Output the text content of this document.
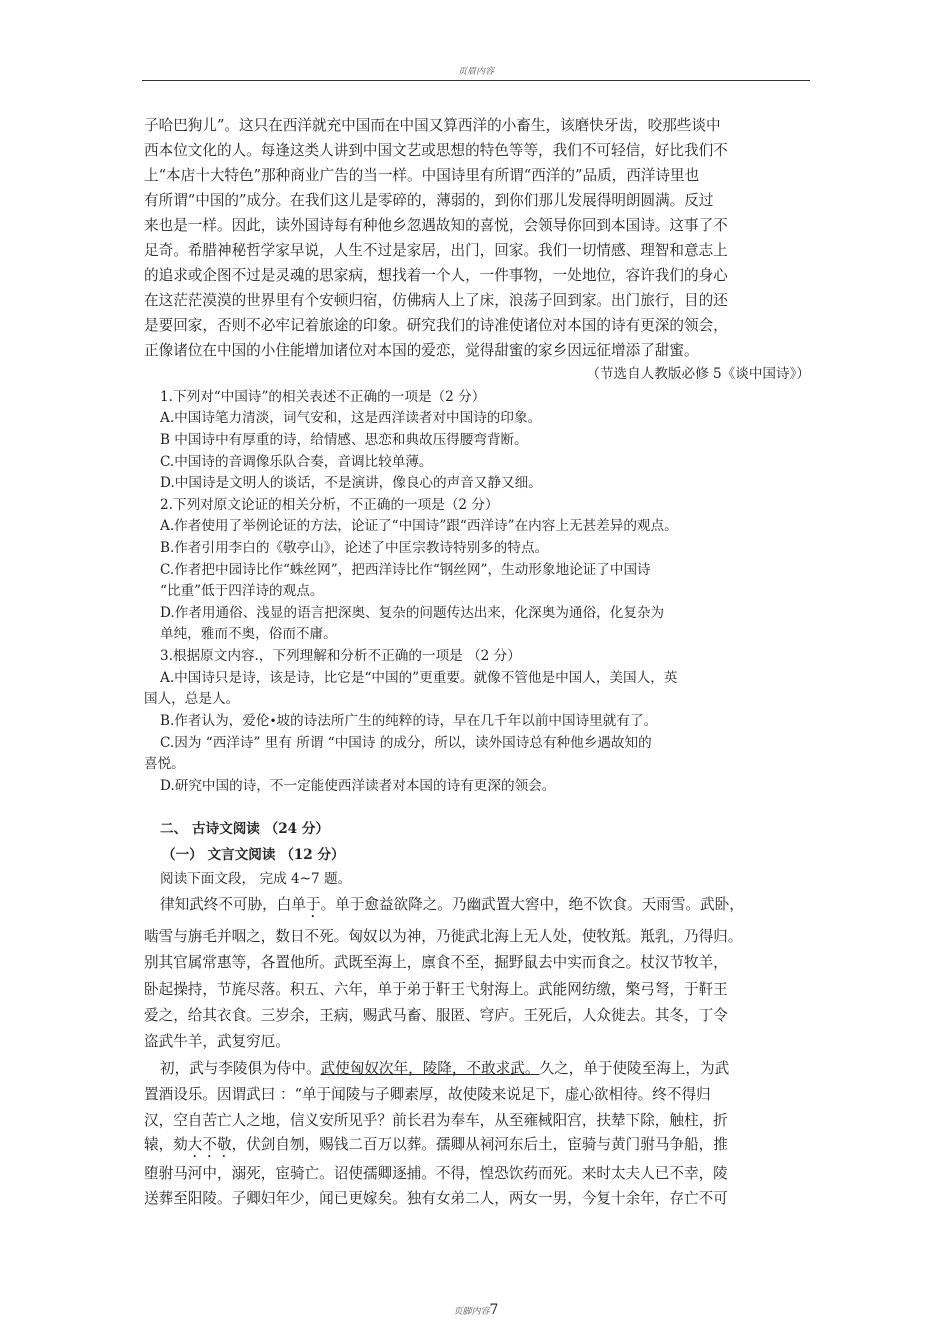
页眉内容
子哈巴狗儿”。这只在西洋就充中国而在中国又算西洋的小畜生，该磨快牙齿，咬那些谈中
西本位文化的人。每逢这类人讲到中国文艺或思想的特色等等，我们不可轻信，好比我们不
上“本店十大特色”那种商业广告的当一样。中国诗里有所谓“西洋的”品质，西洋诗里也
有所谓“中国的”成分。在我们这儿是零碎的，薄弱的，到你们那儿发展得明朗圆满。反过
来也是一样。因此，读外国诗每有种他乡忽遇故知的喜悦，会领导你回到本国诗。这事了不
足奇。希腊神秘哲学家早说，人生不过是家居，出门，回家。我们一切情感、理智和意志上
的追求或企图不过是灵魂的思家病，想找着一个人，一件事物，一处地位，容许我们的身心
在这茫茫漠漠的世界里有个安顿归宿，仿佛病人上了床，浪荡子回到家。出门旅行，目的还
是要回家，否则不必牢记着旅途的印象。研究我们的诗准使诸位对本国的诗有更深的领会，
正像诸位在中国的小住能增加诸位对本国的爱恋，觉得甜蜜的家乡因远征增添了甜蜜。
（节选自人教版必修 5《谈中国诗》）
1.下列对“中国诗”的相关表述不正确的一项是（2 分）
A.中国诗笔力清淡，词气安和，这是西洋读者对中国诗的印象。
B 中国诗中有厚重的诗，给情感、思恋和典故压得腰弯背断。
C.中国诗的音调像乐队合奏，音调比较单薄。
D.中国诗是文明人的谈话，不是演讲，像良心的声音又静又细。
2.下列对原文论证的相关分析，不正确的一项是（2 分）
A.作者使用了举例论证的方法，论证了“中国诗”跟“西洋诗”在内容上无甚差异的观点。
B.作者引用李白的《敬亭山》，论述了中匡宗教诗特别多的特点。
C.作者把中园诗比作“蛛丝网”，把西洋诗比作“钢丝网”，生动形象地论证了中国诗
“比重”低于四洋诗的观点。
D.作者用通俗、浅显的语言把深奥、复杂的问题传达出来，化深奥为通俗，化复杂为
单纯，雅而不奥，俗而不庸。
3.根据原文内容.，下列理解和分析不正确的一项是 （2 分）
A.中国诗只是诗，该是诗，比它是“中国的”更重要。就像不管他是中国人，美国人，英
国人，总是人。
B.作者认为，爱伦•坡的诗法所广生的纯粹的诗，早在几千年以前中国诗里就有了。
C.因为 “西洋诗” 里有 所谓 “中国诗 的成分，所以，读外国诗总有种他乡遇故知的
喜悦。
D.研究中国的诗，不一定能使西洋读者对本国的诗有更深的领会。
二、 古诗文阅读 （24 分）
（一） 文言文阅读 （12 分）
阅读下面文段， 完成 4~7 题。
律知武终不可胁，白单于。单于愈益欲降之。乃幽武置大窖中，绝不饮食。天雨雪。武卧，
啮雪与旃毛并咽之，数日不死。匈奴以为神，乃徙武北海上无人处，使牧羝。羝乳，乃得归。
别其官属常惠等，各置他所。武既至海上，廪食不至，掘野鼠去中实而食之。杖汉节牧羊，
卧起操持，节旄尽落。积五、六年，单于弟于靬王弋射海上。武能网纺缴，檠弓弩，于靬王
爱之，给其衣食。三岁余，王病，赐武马畜、服匿、穹庐。王死后，人众徙去。其冬，丁令
盗武牛羊，武复穷厄。
初，武与李陵俱为侍中。武使匈奴次年，陵降，不敢求武。久之，单于使陵至海上，为武
置酒设乐。因谓武曰 ：“单于闻陵与子卿素厚，故使陵来说足下，虚心欲相待。终不得归
汉，空自苦亡人之地，信义安所见乎？前长君为奉车，从至雍棫阳宫，扶辇下除，触柱，折
辕，劾大不敬，伏剑自刎，赐钱二百万以葬。孺卿从祠河东后土，宦骑与黄门驸马争船，推
堕驸马河中，溺死，宦骑亡。诏使孺卿逐捕。不得，惶恐饮药而死。来时太夫人已不幸，陵
送葬至阳陵。子卿妇年少，闻已更嫁矣。独有女弟二人，两女一男，今复十余年，存亡不可
页脚内容7
